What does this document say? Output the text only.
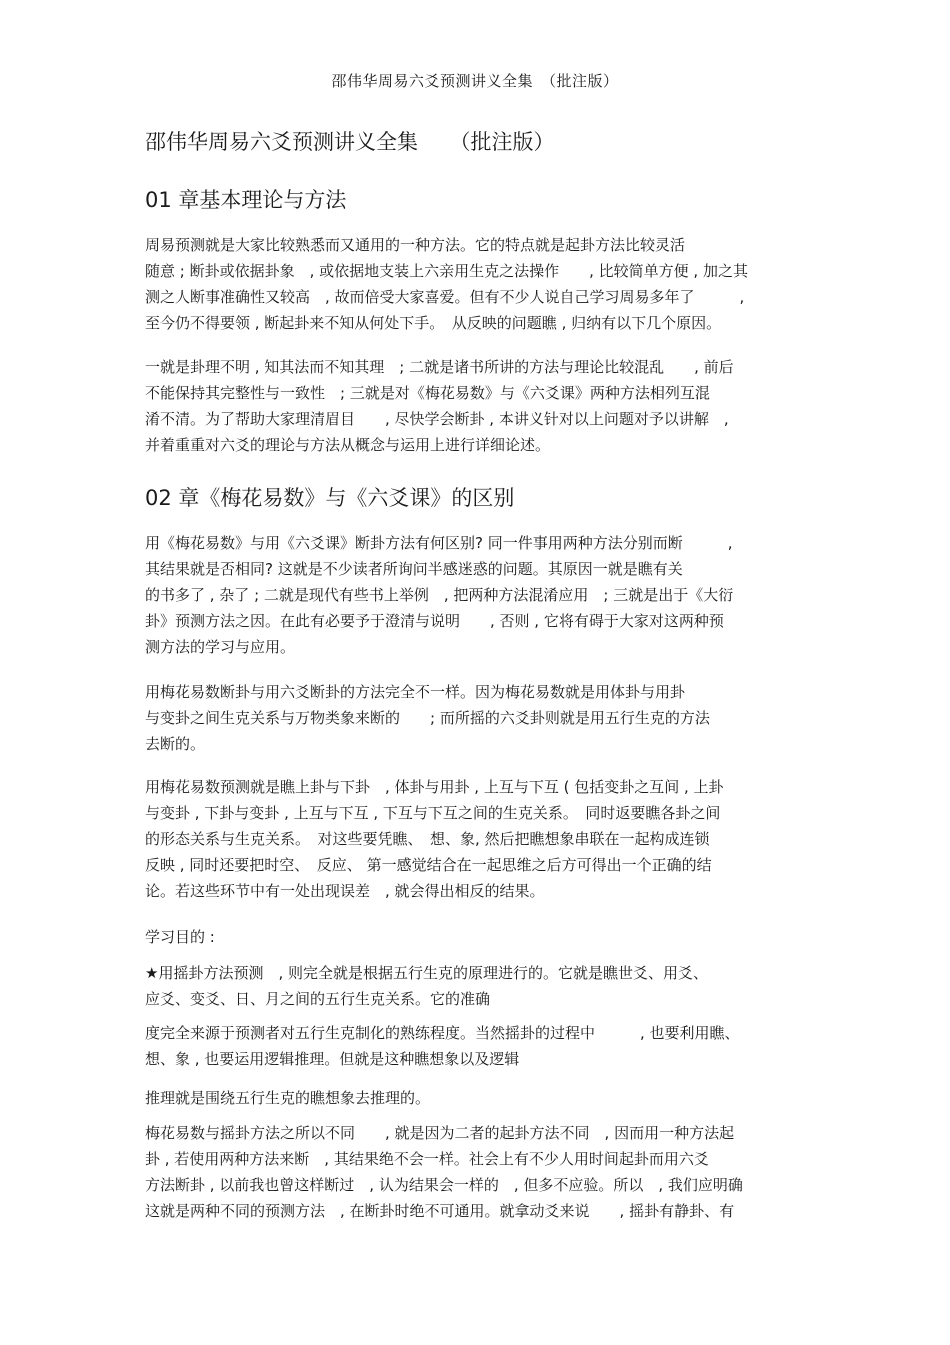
邵伟华周易六爻预测讲义全集　（批注版）
邵伟华周易六爻预测讲义全集　　（批注版）
01 章基本理论与方法
周易预测就是大家比较熟悉而又通用的一种方法。它的特点就是起卦方法比较灵活
随意 ; 断卦或依据卦象　, 或依据地支装上六亲用生克之法操作　　, 比较简单方便 , 加之其
测之人断事准确性又较高　, 故而倍受大家喜爱。但有不少人说自己学习周易多年了　　　,
至今仍不得要领 , 断起卦来不知从何处下手。　从反映的问题瞧 , 归纳有以下几个原因。
一就是卦理不明 , 知其法而不知其理　; 二就是诸书所讲的方法与理论比较混乱　　, 前后
不能保持其完整性与一致性　; 三就是对《梅花易数》与《六爻课》两种方法相列互混
淆不清。为了帮助大家理清眉目　　, 尽快学会断卦 , 本讲义针对以上问题对予以讲解　,
并着重重对六爻的理论与方法从概念与运用上进行详细论述。
02 章《梅花易数》与《六爻课》的区别
用《梅花易数》与用《六爻课》断卦方法有何区别? 同一件事用两种方法分别而断　　　,
其结果就是否相同? 这就是不少读者所询问半感迷惑的问题。其原因一就是瞧有关
的书多了 , 杂了 ; 二就是现代有些书上举例　, 把两种方法混淆应用　; 三就是出于《大衍
卦》预测方法之因。在此有必要予于澄清与说明　　, 否则 , 它将有碍于大家对这两种预
测方法的学习与应用。
用梅花易数断卦与用六爻断卦的方法完全不一样。因为梅花易数就是用体卦与用卦
与变卦之间生克关系与万物类象来断的　　; 而所摇的六爻卦则就是用五行生克的方法
去断的。
用梅花易数预测就是瞧上卦与下卦　, 体卦与用卦 , 上互与下互 ( 包括变卦之互间 , 上卦
与变卦 , 下卦与变卦 , 上互与下互 , 下互与下互之间的生克关系。　同时返要瞧各卦之间
的形态关系与生克关系。　对这些要凭瞧、　想、象, 然后把瞧想象串联在一起构成连锁
反映 , 同时还要把时空、　反应、 第一感觉结合在一起思维之后方可得出一个正确的结
论。若这些环节中有一处出现误差　, 就会得出相反的结果。
学习目的 :
★用摇卦方法预测　, 则完全就是根据五行生克的原理进行的。它就是瞧世爻、用爻、
应爻、变爻、日、月之间的五行生克关系。它的准确
度完全来源于预测者对五行生克制化的熟练程度。当然摇卦的过程中　　　, 也要利用瞧、
想、象 , 也要运用逻辑推理。但就是这种瞧想象以及逻辑
推理就是围绕五行生克的瞧想象去推理的。
梅花易数与摇卦方法之所以不同　　, 就是因为二者的起卦方法不同　, 因而用一种方法起
卦 , 若使用两种方法来断　, 其结果绝不会一样。社会上有不少人用时间起卦而用六爻
方法断卦 , 以前我也曾这样断过　, 认为结果会一样的　, 但多不应验。所以　, 我们应明确
这就是两种不同的预测方法　, 在断卦时绝不可通用。就拿动爻来说　　, 摇卦有静卦、有
